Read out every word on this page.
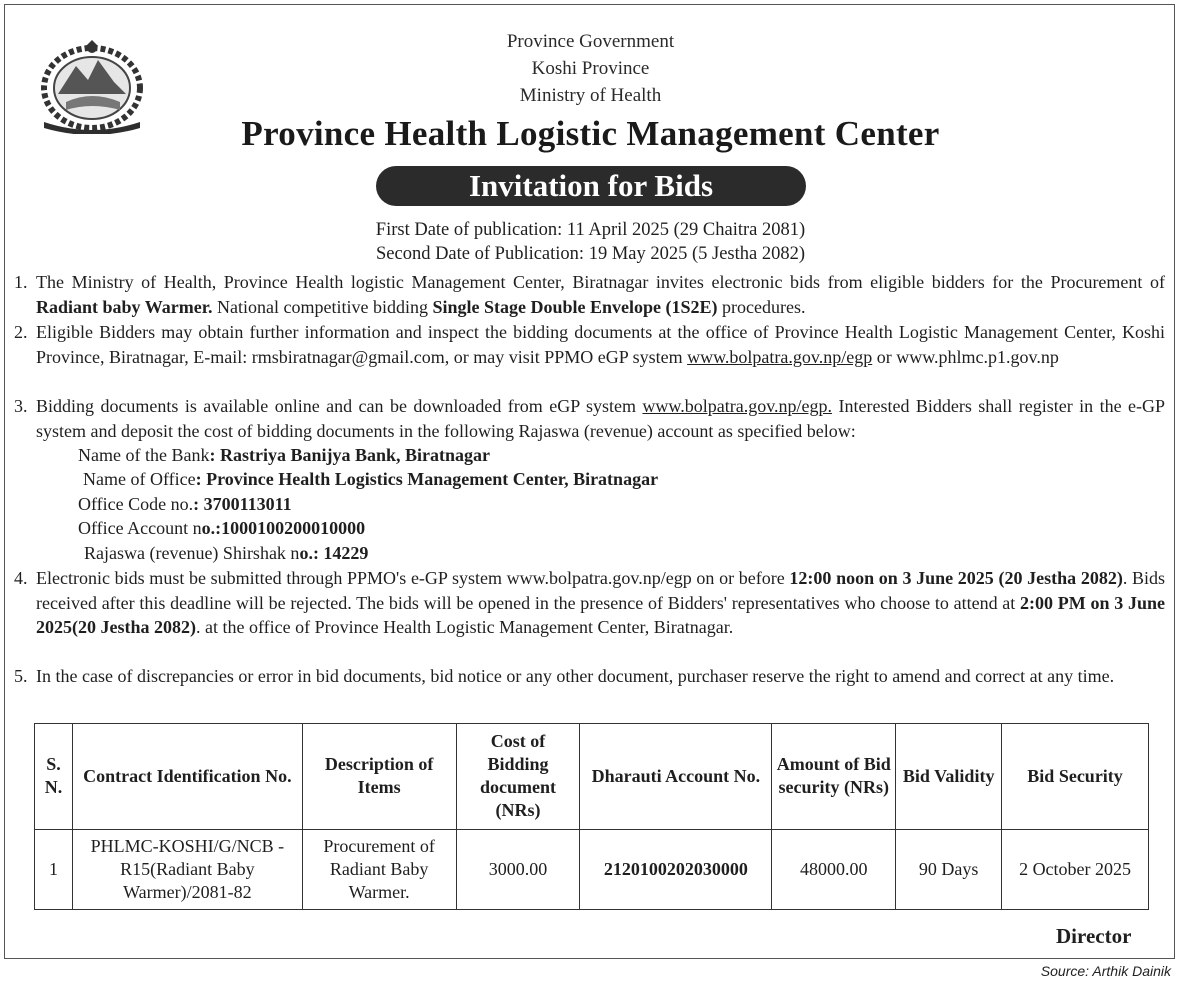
Province Government
Koshi Province
Ministry of Health
Province Health Logistic Management Center
Invitation for Bids
First Date of publication: 11 April 2025 (29 Chaitra 2081)
Second Date of Publication: 19 May 2025 (5 Jestha 2082)
1. The Ministry of Health, Province Health logistic Management Center, Biratnagar invites electronic bids from eligible bidders for the Procurement of Radiant baby Warmer. National competitive bidding Single Stage Double Envelope (1S2E) procedures.
2. Eligible Bidders may obtain further information and inspect the bidding documents at the office of Province Health Logistic Management Center, Koshi Province, Biratnagar, E-mail: rmsbiratnagar@gmail.com, or may visit PPMO eGP system www.bolpatra.gov.np/egp or www.phlmc.p1.gov.np
3. Bidding documents is available online and can be downloaded from eGP system www.bolpatra.gov.np/egp. Interested Bidders shall register in the e-GP system and deposit the cost of bidding documents in the following Rajaswa (revenue) account as specified below:
Name of the Bank: Rastriya Banijya Bank, Biratnagar
Name of Office: Province Health Logistics Management Center, Biratnagar
Office Code no.: 3700113011
Office Account no.:1000100200010000
Rajaswa (revenue) Shirshak no.: 14229
4. Electronic bids must be submitted through PPMO's e-GP system www.bolpatra.gov.np/egp on or before 12:00 noon on 3 June 2025 (20 Jestha 2082). Bids received after this deadline will be rejected. The bids will be opened in the presence of Bidders' representatives who choose to attend at 2:00 PM on 3 June 2025(20 Jestha 2082). at the office of Province Health Logistic Management Center, Biratnagar.
5. In the case of discrepancies or error in bid documents, bid notice or any other document, purchaser reserve the right to amend and correct at any time.
S. N.	Contract Identification No.	Description of Items	Cost of Bidding document (NRs)	Dharauti Account No.	Amount of Bid security (NRs)	Bid Validity	Bid Security
1	PHLMC-KOSHI/G/NCB -R15(Radiant Baby Warmer)/2081-82	Procurement of Radiant Baby Warmer.	3000.00	2120100202030000	48000.00	90 Days	2 October 2025
Director
Source: Arthik Dainik
